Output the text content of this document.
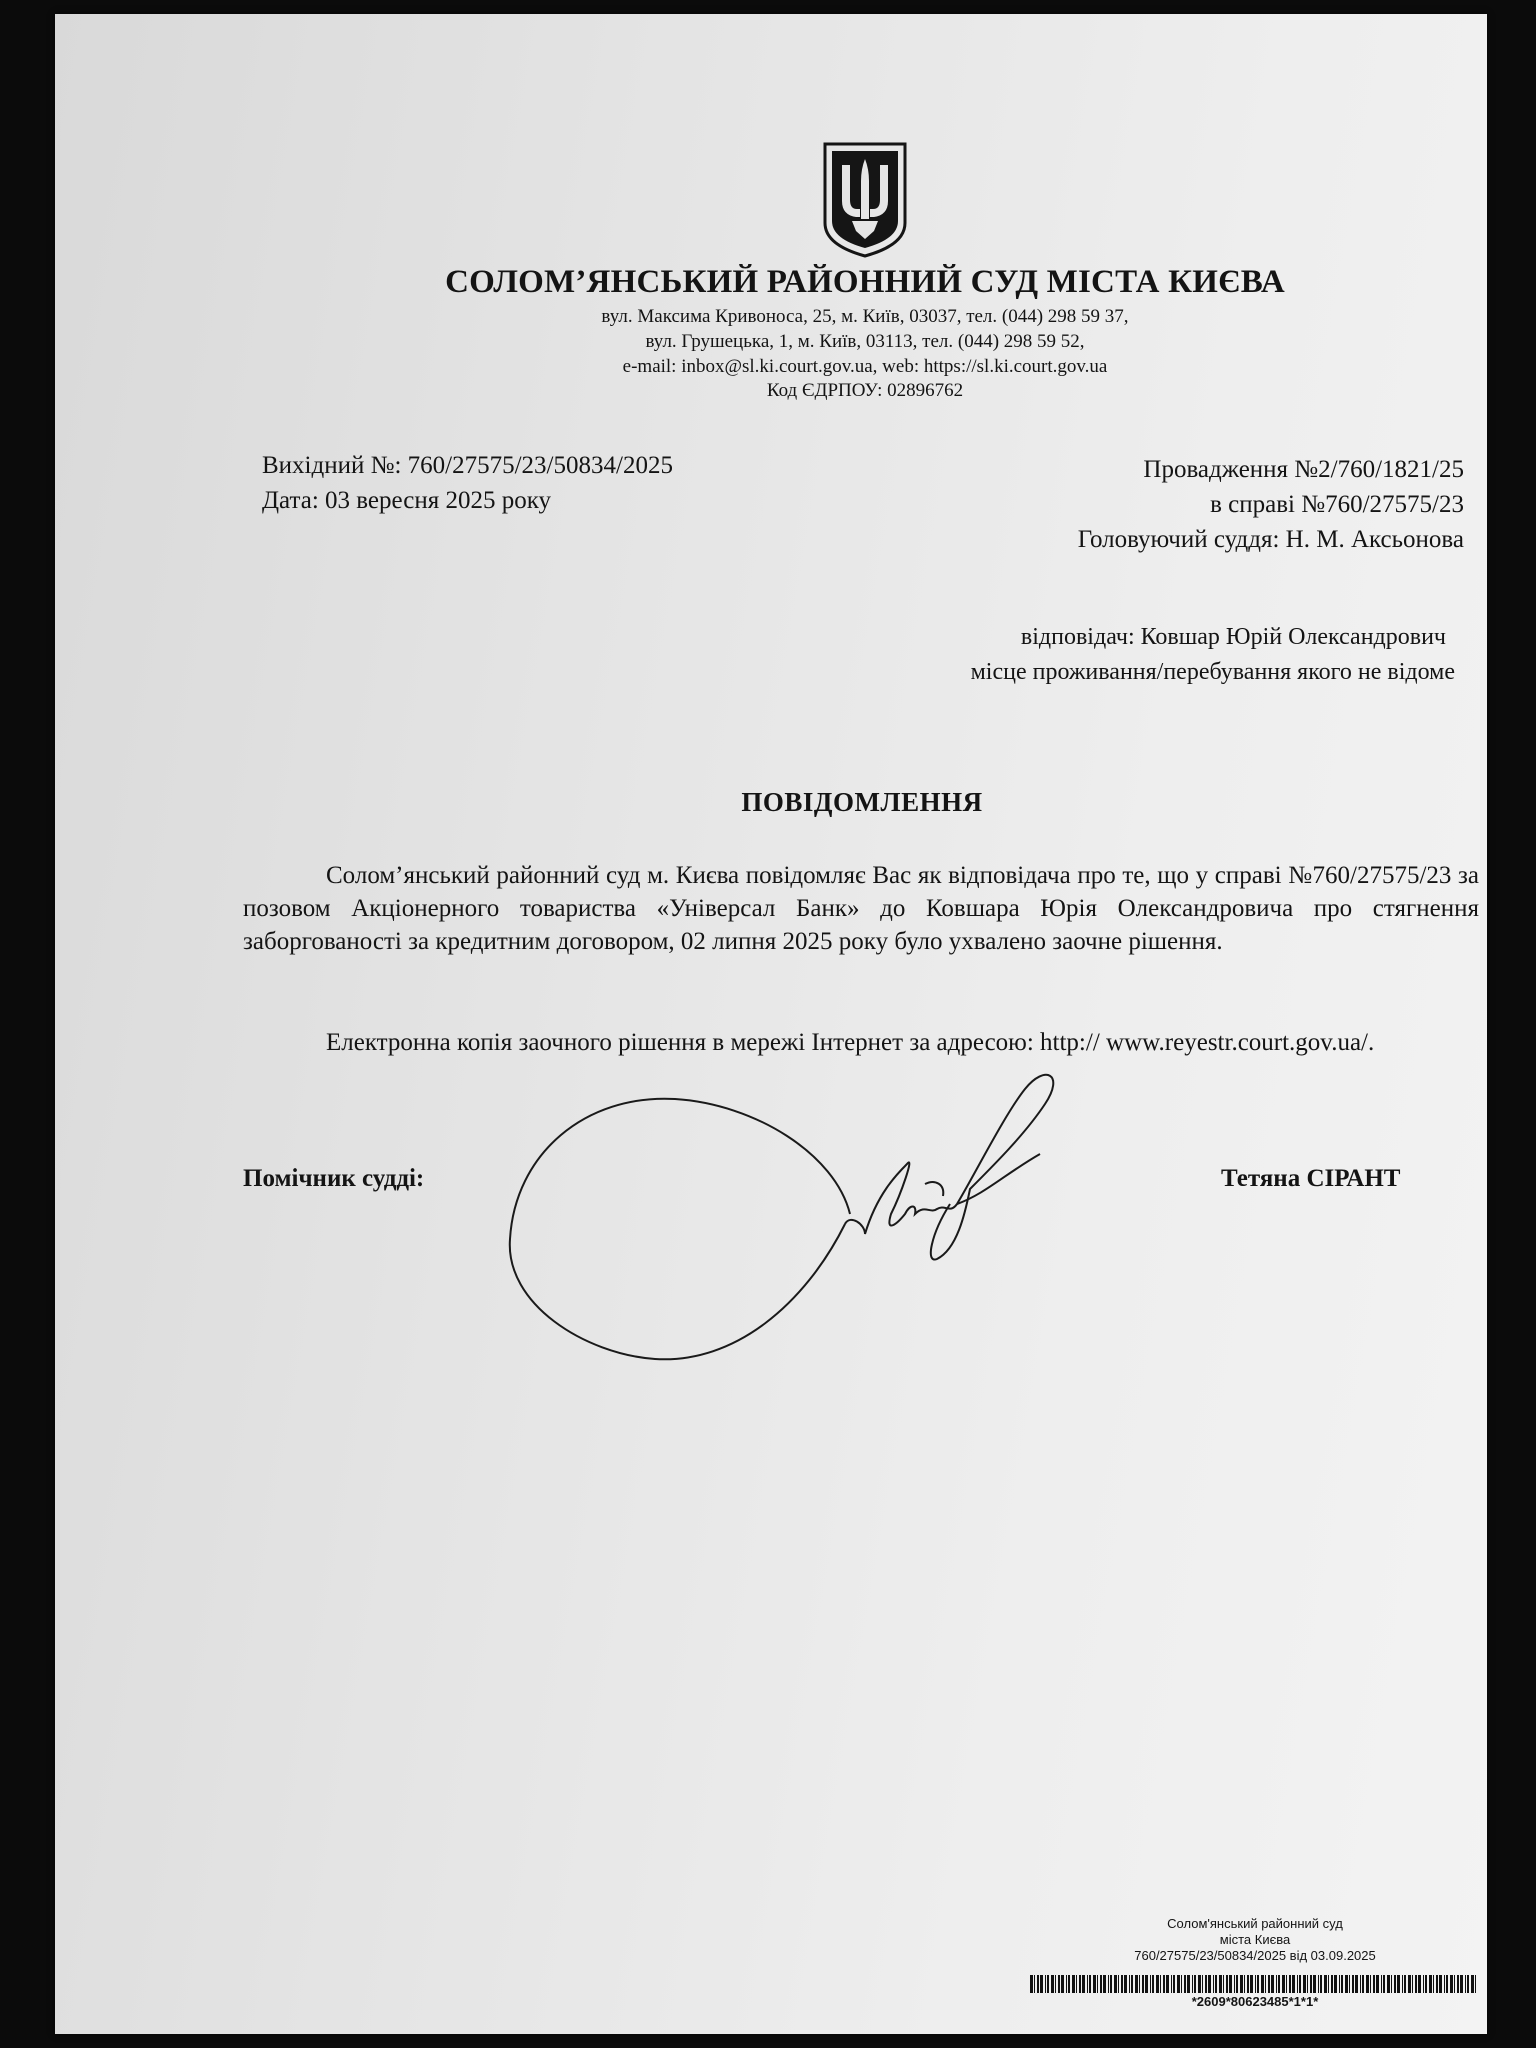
СОЛОМ’ЯНСЬКИЙ РАЙОННИЙ СУД МІСТА КИЄВА
вул. Максима Кривоноса, 25, м. Київ, 03037, тел. (044) 298 59 37,
вул. Грушецька, 1, м. Київ, 03113, тел. (044) 298 59 52,
e-mail: inbox@sl.ki.court.gov.ua, web: https://sl.ki.court.gov.ua
Код ЄДРПОУ: 02896762
Вихідний №: 760/27575/23/50834/2025
Дата: 03 вересня 2025 року
Провадження №2/760/1821/25
в справі №760/27575/23
Головуючий суддя: Н. М. Аксьонова
відповідач: Ковшар Юрій Олександрович
місце проживання/перебування якого не відоме
ПОВІДОМЛЕННЯ
Солом’янський районний суд м. Києва повідомляє Вас як відповідача про те, що у справі №760/27575/23 за позовом Акціонерного товариства «Універсал Банк» до Ковшара Юрія Олександровича про стягнення заборгованості за кредитним договором, 02 липня 2025 року було ухвалено заочне рішення.
Електронна копія заочного рішення в мережі Інтернет за адресою: http:// www.reyestr.court.gov.ua/.
Помічник судді:	Тетяна СІРАНТ
Солом'янський районний суд
міста Києва
760/27575/23/50834/2025 від 03.09.2025
*2609*80623485*1*1*
